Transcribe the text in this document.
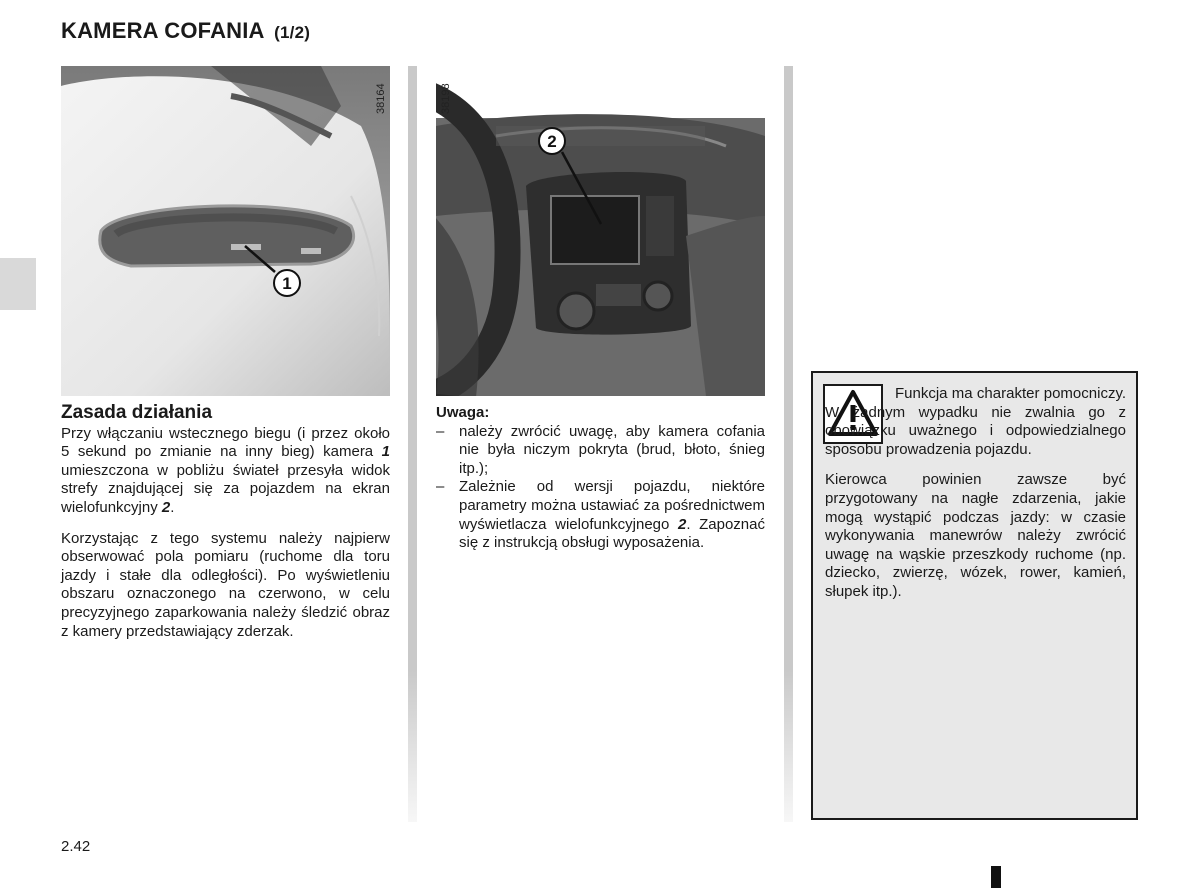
KAMERA COFANIA (1/2)
1
38164
2
38198
Zasada działania

Przy włączaniu wstecznego biegu (i przez około 5 sekund po zmianie na inny bieg) kamera 1 umieszczona w pobliżu świateł przesyła widok strefy znajdującej się za pojazdem na ekran wielofunkcyjny 2.

Korzystając z tego systemu należy najpierw obserwować pola pomiaru (ruchome dla toru jazdy i stałe dla odległości). Po wyświetleniu obszaru oznaczonego na czerwono, w celu precyzyjnego zaparkowania należy śledzić obraz z kamery przedstawiający zderzak.

Uwaga:
– należy zwrócić uwagę, aby kamera cofania nie była niczym pokryta (brud, błoto, śnieg itp.);
– Zależnie od wersji pojazdu, niektóre parametry można ustawiać za pośrednictwem wyświetlacza wielofunkcyjnego 2. Zapoznać się z instrukcją obsługi wyposażenia.

Funkcja ma charakter pomocniczy. W żadnym wypadku nie zwalnia go z obowiązku uważnego i odpowiedzialnego sposobu prowadzenia pojazdu.

Kierowca powinien zawsze być przygotowany na nagłe zdarzenia, jakie mogą wystąpić podczas jazdy: w czasie wykonywania manewrów należy zwrócić uwagę na wąskie przeszkody ruchome (np. dziecko, zwierzę, wózek, rower, kamień, słupek itp.).

2.42
